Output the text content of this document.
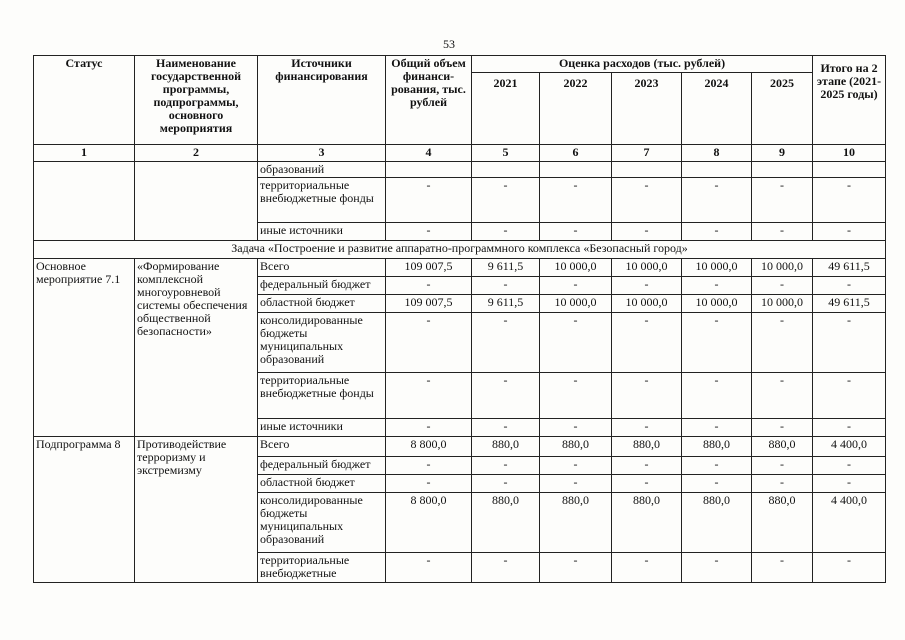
53
Статус	Наименование государственной программы, подпрограммы, основного мероприятия	Источники финансирования	Общий объем финанси-рования, тыс. рублей	Оценка расходов (тыс. рублей)					Итого на 2 этапе (2021-2025 годы)
				2021	2022	2023	2024	2025	
1	2	3	4	5	6	7	8	9	10
		образований							
		территориальные внебюджетные фонды	-	-	-	-	-	-	-
		иные источники	-	-	-	-	-	-	-
Задача «Построение и развитие аппаратно-программного комплекса «Безопасный город»									
Основное мероприятие 7.1	«Формирование комплексной многоуровневой системы обеспечения общественной безопасности»	Всего	109 007,5	9 611,5	10 000,0	10 000,0	10 000,0	10 000,0	49 611,5
		федеральный бюджет	-	-	-	-	-	-	-
		областной бюджет	109 007,5	9 611,5	10 000,0	10 000,0	10 000,0	10 000,0	49 611,5
		консолидированные бюджеты муниципальных образований	-	-	-	-	-	-	-
		территориальные внебюджетные фонды	-	-	-	-	-	-	-
		иные источники	-	-	-	-	-	-	-
Подпрограмма 8	Противодействие терроризму и экстремизму	Всего	8 800,0	880,0	880,0	880,0	880,0	880,0	4 400,0
		федеральный бюджет	-	-	-	-	-	-	-
		областной бюджет	-	-	-	-	-	-	-
		консолидированные бюджеты муниципальных образований	8 800,0	880,0	880,0	880,0	880,0	880,0	4 400,0
		территориальные внебюджетные	-	-	-	-	-	-	-
